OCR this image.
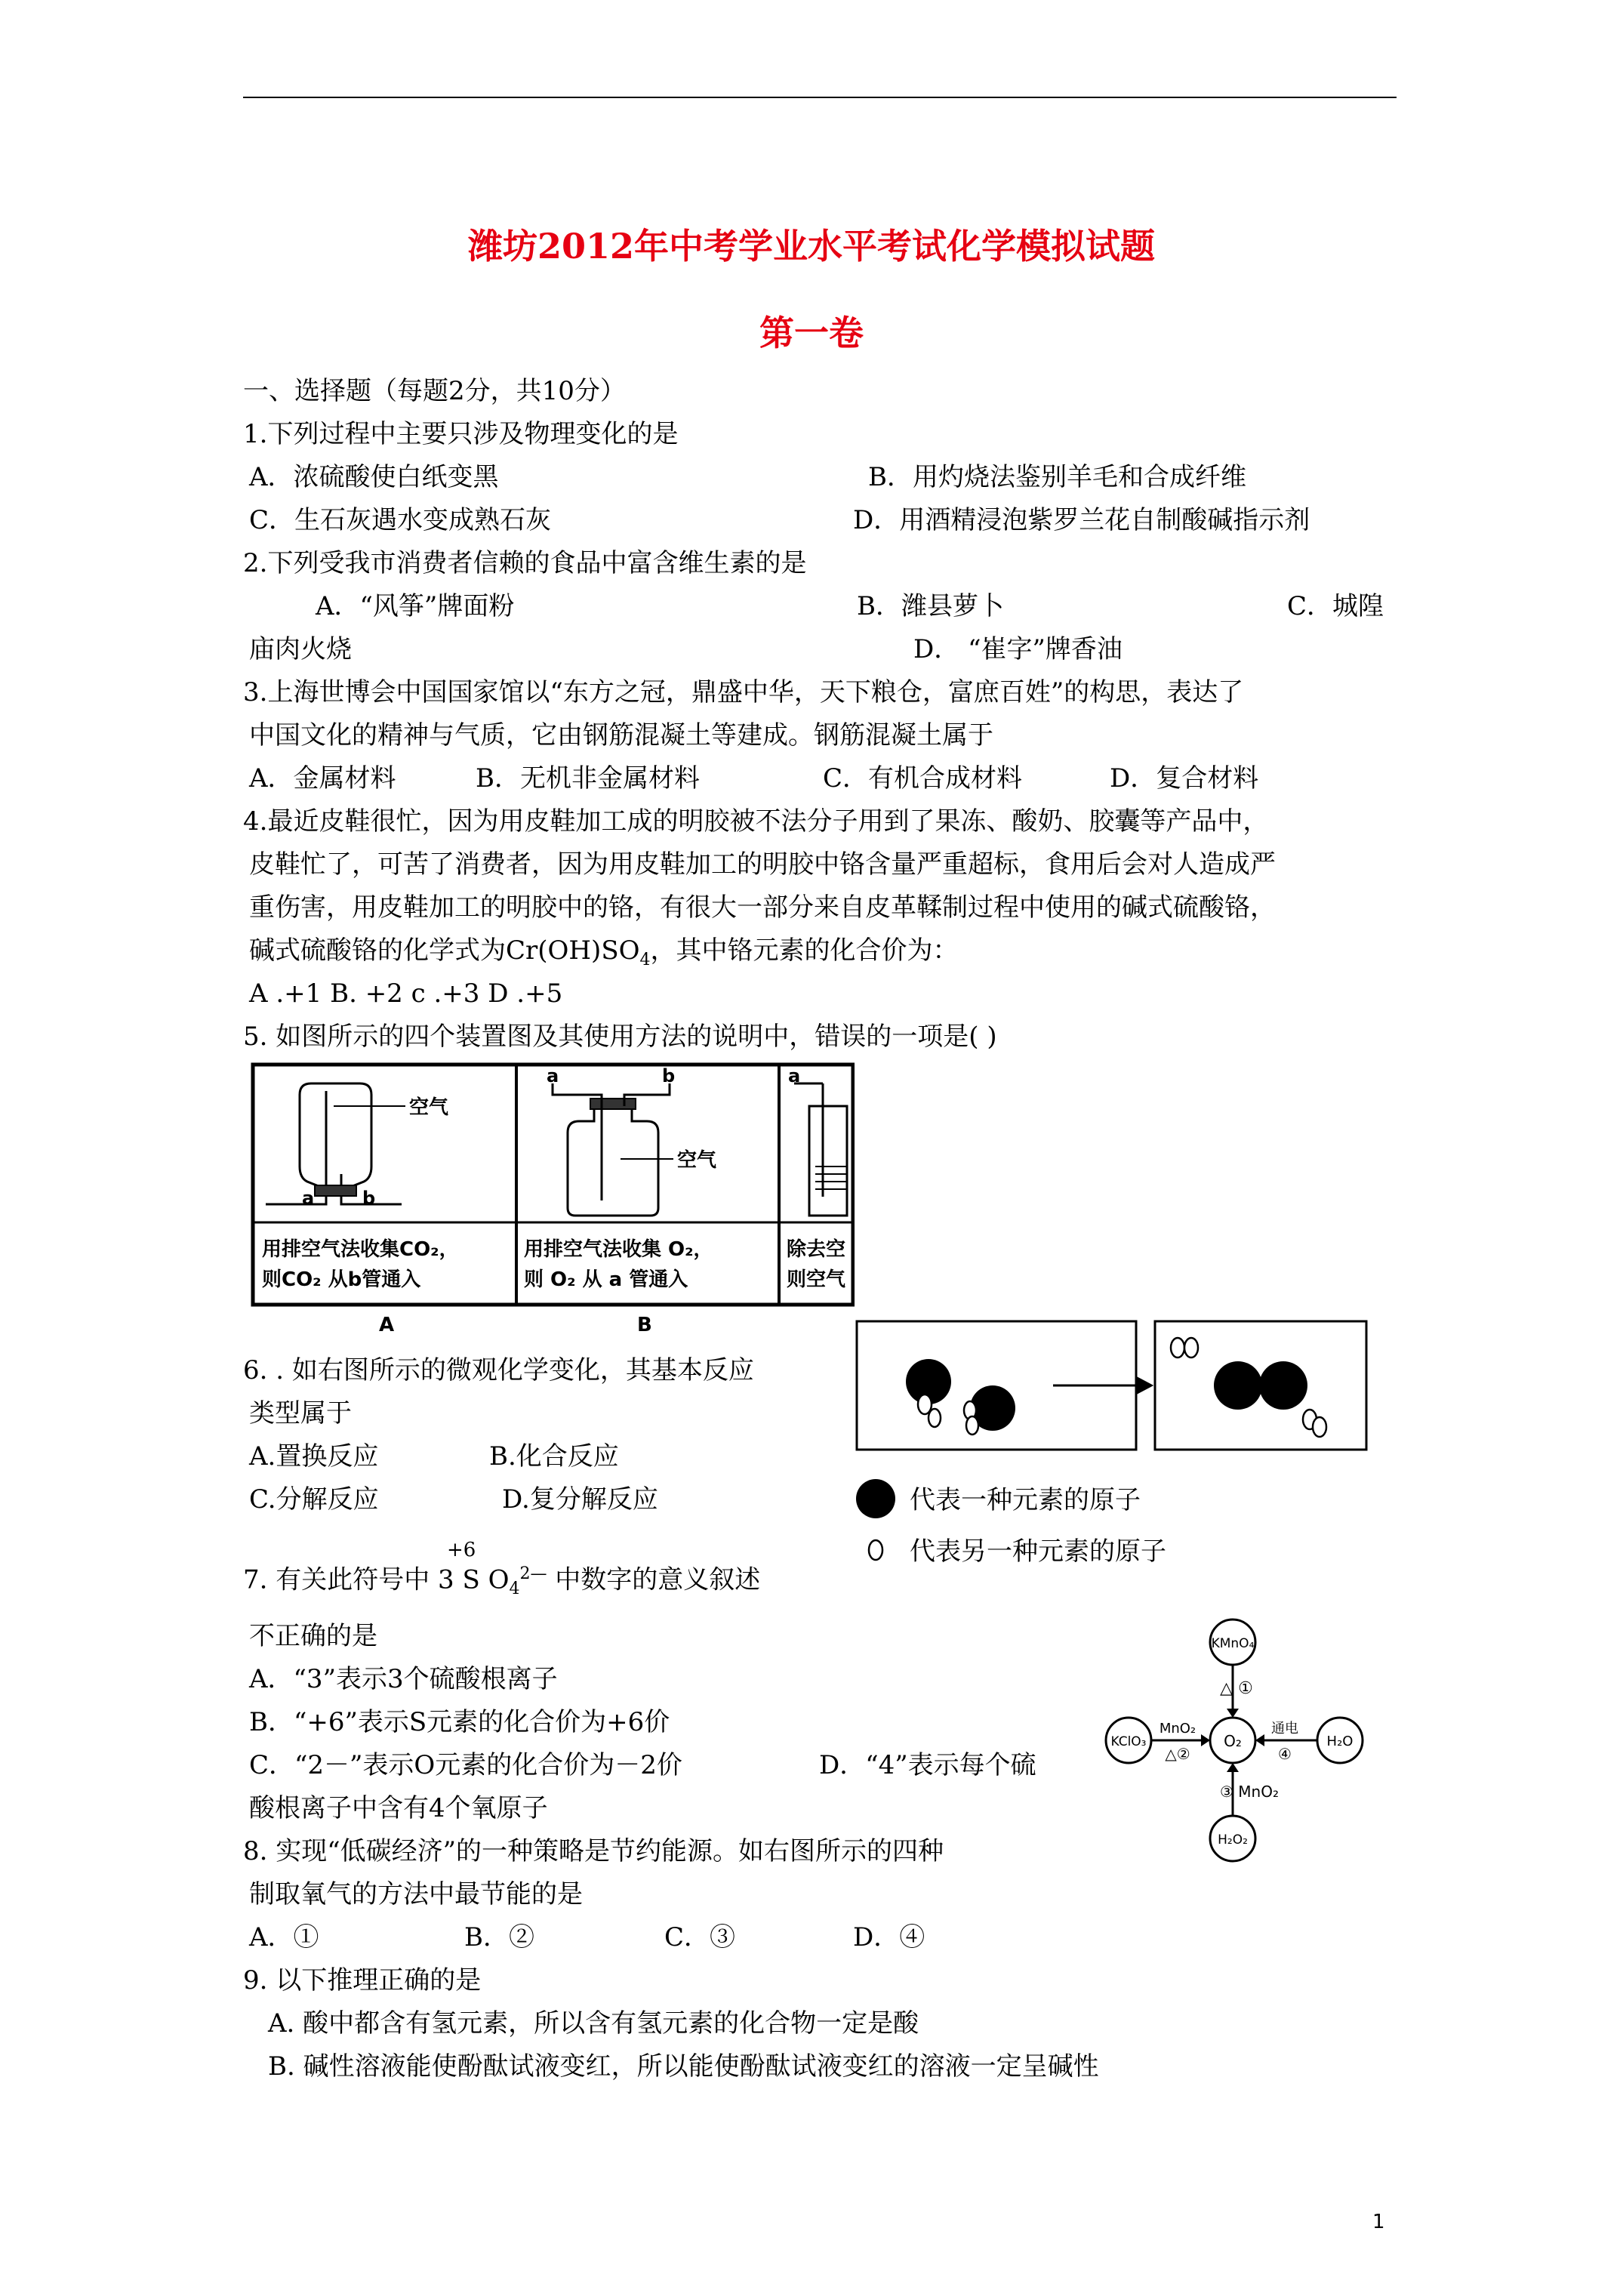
潍坊2012年中考学业水平考试化学模拟试题
第一卷
一、选择题（每题2分，共10分）
1.下列过程中主要只涉及物理变化的是
A．浓硫酸使白纸变黑	B．用灼烧法鉴别羊毛和合成纤维
C．生石灰遇水变成熟石灰	D．用酒精浸泡紫罗兰花自制酸碱指示剂
2.下列受我市消费者信赖的食品中富含维生素的是
A．“风筝”牌面粉	B．潍县萝卜	C．城隍
庙肉火烧	D． “崔字”牌香油
3.上海世博会中国国家馆以“东方之冠，鼎盛中华，天下粮仓，富庶百姓”的构思，表达了
中国文化的精神与气质，它由钢筋混凝土等建成。钢筋混凝土属于
A．金属材料	B．无机非金属材料	C．有机合成材料	D．复合材料
4.最近皮鞋很忙，因为用皮鞋加工成的明胶被不法分子用到了果冻、酸奶、胶囊等产品中，
皮鞋忙了，可苦了消费者，因为用皮鞋加工的明胶中铬含量严重超标，食用后会对人造成严
重伤害，用皮鞋加工的明胶中的铬，有很大一部分来自皮革鞣制过程中使用的碱式硫酸铬，
碱式硫酸铬的化学式为$Cr(OH)SO_4$，其中铬元素的化合价为：
A .+1 B. +2 c .+3 D .+5
5. 如图所示的四个装置图及其使用方法的说明中，错误的一项是( )
空气
a	b
用排空气法收集CO₂，
则CO₂ 从b管通入
A
空气
a	b
用排空气法收集 O₂，
则 O₂ 从 a 管通入
B
a
除去空
则空气
6. . 如右图所示的微观化学变化，其基本反应
类型属于
A.置换反应	B.化合反应
C.分解反应	D.复分解反应	代表一种元素的原子
代表另一种元素的原子
+6
7. 有关此符号中 3 S $O_4^{2—}$ 中数字的意义叙述
不正确的是
A．“3”表示3个硫酸根离子
B．“+6”表示S元素的化合价为+6价
C．“2－”表示O元素的化合价为－2价	D．“4”表示每个硫
酸根离子中含有4个氧原子
8. 实现“低碳经济”的一种策略是节约能源。如右图所示的四种
制取氧气的方法中最节能的是
A．①	B．②	C．③	D．④
KMnO₄
KClO₃	O₂	H₂O
H₂O₂
△ ①
MnO₂
△②
通电
④
③ MnO₂
9. 以下推理正确的是
A. 酸中都含有氢元素，所以含有氢元素的化合物一定是酸
B. 碱性溶液能使酚酞试液变红，所以能使酚酞试液变红的溶液一定呈碱性
1
